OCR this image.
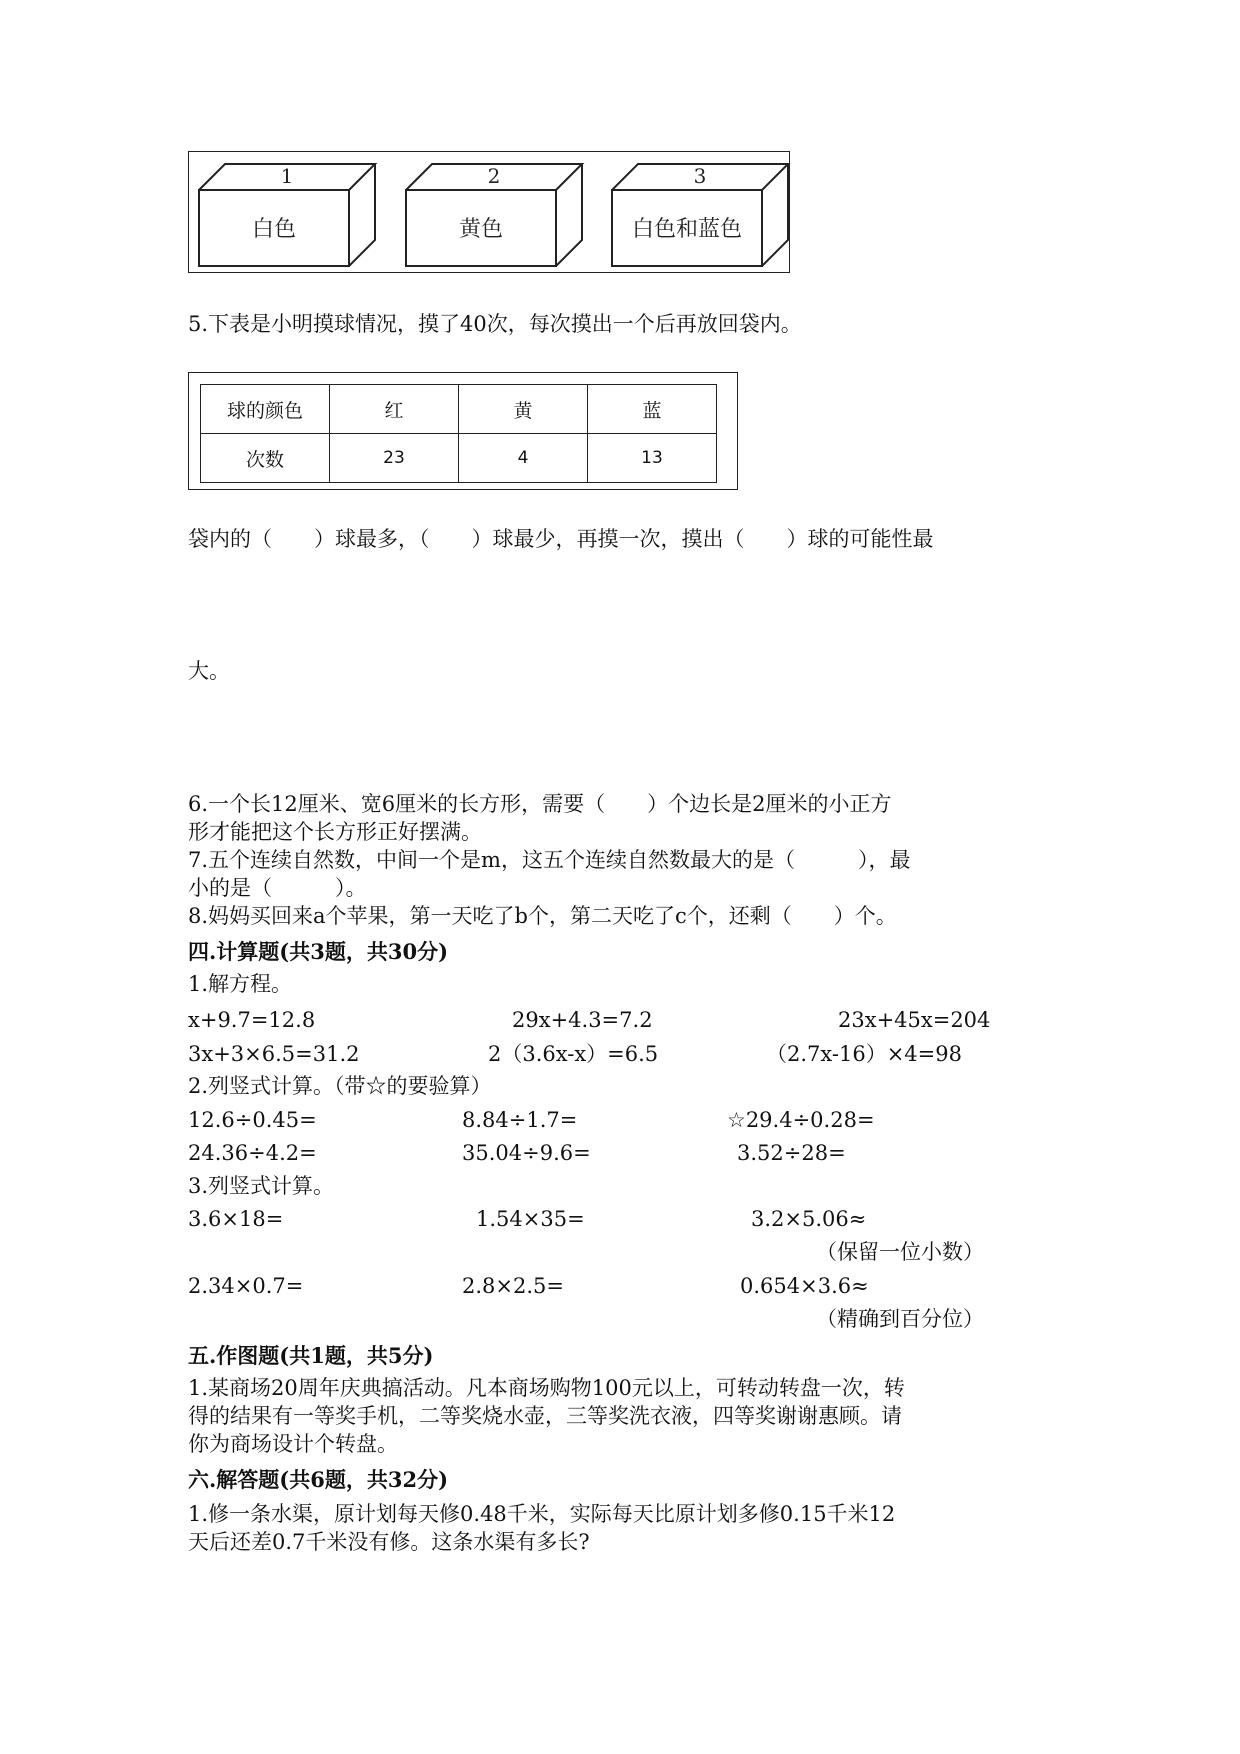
1
白色
2
黄色
3
白色和蓝色
5.下表是小明摸球情况，摸了40次，每次摸出一个后再放回袋内。
球的颜色	红	黄	蓝
次数	23	4	13
袋内的（　　）球最多，（　　）球最少，再摸一次，摸出（　　）球的可能性最
大。
6.一个长12厘米、宽6厘米的长方形，需要（　　）个边长是2厘米的小正方
形才能把这个长方形正好摆满。
7.五个连续自然数，中间一个是m，这五个连续自然数最大的是（　　　），最
小的是（　　　）。
8.妈妈买回来a个苹果，第一天吃了b个，第二天吃了c个，还剩（　　）个。
四.计算题(共3题，共30分)
1.解方程。
x+9.7=12.8	29x+4.3=7.2	23x+45x=204
3x+3×6.5=31.2	2（3.6x-x）=6.5	（2.7x-16）×4=98
2.列竖式计算。（带☆的要验算）
12.6÷0.45=	8.84÷1.7=	☆29.4÷0.28=
24.36÷4.2=	35.04÷9.6=	3.52÷28=
3.列竖式计算。
3.6×18=	1.54×35=	3.2×5.06≈
（保留一位小数）
2.34×0.7=	2.8×2.5=	0.654×3.6≈
（精确到百分位）
五.作图题(共1题，共5分)
1.某商场20周年庆典搞活动。凡本商场购物100元以上，可转动转盘一次，转
得的结果有一等奖手机，二等奖烧水壶，三等奖洗衣液，四等奖谢谢惠顾。请
你为商场设计个转盘。
六.解答题(共6题，共32分)
1.修一条水渠，原计划每天修0.48千米，实际每天比原计划多修0.15千米12
天后还差0.7千米没有修。这条水渠有多长?
